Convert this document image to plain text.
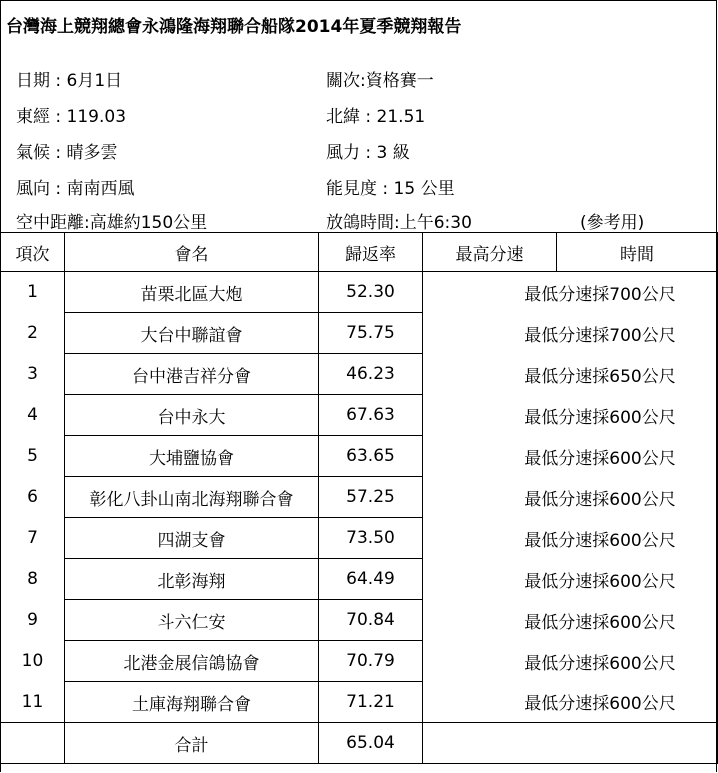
台灣海上競翔總會永鴻隆海翔聯合船隊2014年夏季競翔報告
日期 : 6月1日	關次:資格賽一
東經 : 119.03	北緯 : 21.51
氣候 : 晴多雲	風力 : 3 級
風向 : 南南西風	能見度 : 15 公里
空中距離:高雄約150公里	放鴿時間:上午6:30	(參考用)
項次	會名	歸返率	最高分速	時間
1	苗栗北區大炮	52.30	最低分速採700公尺	
2	大台中聯誼會	75.75	最低分速採700公尺	
3	台中港吉祥分會	46.23	最低分速採650公尺	
4	台中永大	67.63	最低分速採600公尺	
5	大埔鹽協會	63.65	最低分速採600公尺	
6	彰化八卦山南北海翔聯合會	57.25	最低分速採600公尺	
7	四湖支會	73.50	最低分速採600公尺	
8	北彰海翔	64.49	最低分速採600公尺	
9	斗六仁安	70.84	最低分速採600公尺	
10	北港金展信鴿協會	70.79	最低分速採600公尺	
11	土庫海翔聯合會	71.21	最低分速採600公尺	
	合計	65.04		
